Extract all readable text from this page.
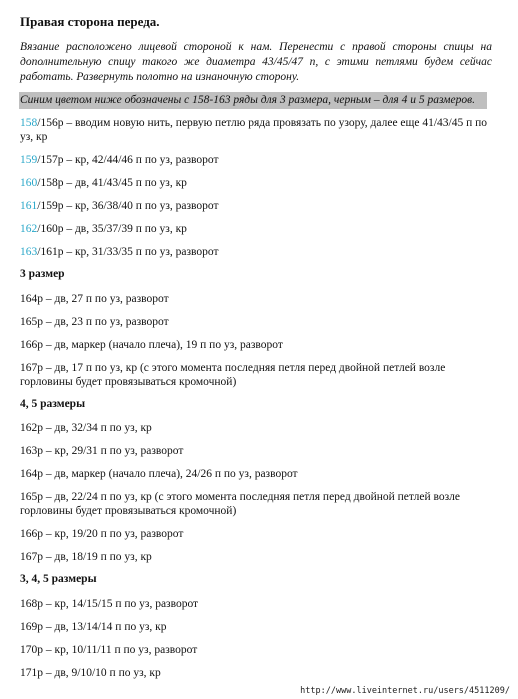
Правая сторона переда.

Вязание расположено лицевой стороной к нам. Перенести с правой стороны спицы на дополнительную спицу такого же диаметра 43/45/47 п, с этими петлями будем сейчас работать. Развернуть полотно на изнаночную сторону.

Синим цветом ниже обозначены с 158-163 ряды для 3 размера, черным – для 4 и 5 размеров.

158/156р – вводим новую нить, первую петлю ряда провязать по узору, далее еще 41/43/45 п по уз, кр

159/157р – кр, 42/44/46 п по уз, разворот

160/158р – дв, 41/43/45 п по уз, кр

161/159р – кр, 36/38/40 п по уз, разворот

162/160р – дв, 35/37/39 п по уз, кр

163/161р – кр, 31/33/35 п по уз, разворот

3 размер

164р – дв, 27 п по уз, разворот

165р – дв, 23 п по уз, разворот

166р – дв, маркер (начало плеча), 19 п по уз, разворот

167р – дв, 17 п по уз, кр (с этого момента последняя петля перед двойной петлей возле горловины будет провязываться кромочной)

4, 5 размеры

162р – дв, 32/34 п по уз, кр

163р – кр, 29/31 п по уз, разворот

164р – дв, маркер (начало плеча), 24/26 п по уз, разворот

165р – дв, 22/24 п по уз, кр (с этого момента последняя петля перед двойной петлей возле горловины будет провязываться кромочной)

166р – кр, 19/20 п по уз, разворот

167р – дв, 18/19 п по уз, кр

3, 4, 5 размеры

168р – кр, 14/15/15 п по уз, разворот

169р – дв, 13/14/14 п по уз, кр

170р – кр, 10/11/11 п по уз, разворот

171р – дв, 9/10/10 п по уз, кр

http://www.liveinternet.ru/users/4511209/
